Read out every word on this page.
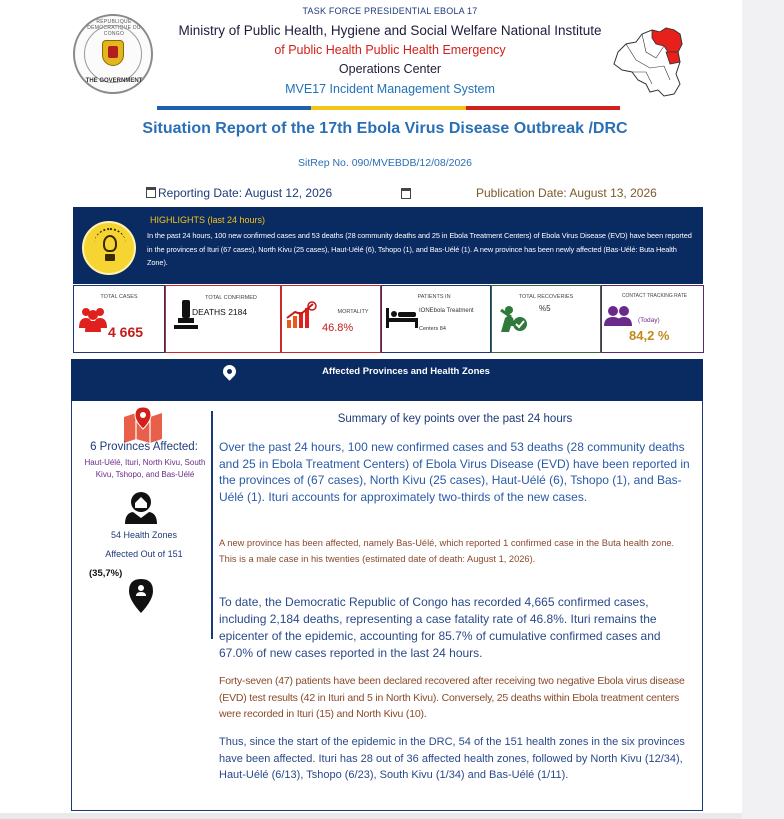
RÉPUBLIQUE DÉMOCRATIQUE DU CONGO
THE GOVERNMENT
TASK FORCE PRESIDENTIAL EBOLA 17
Ministry of Public Health, Hygiene and Social Welfare National Institute
of Public Health Public Health Emergency
Operations Center
MVE17 Incident Management System
Situation Report of the 17th Ebola Virus Disease Outbreak /DRC
SitRep No. 090/MVEBDB/12/08/2026
Reporting Date: August 12, 2026	Publication Date: August 13, 2026
HIGHLIGHTS (last 24 hours)
In the past 24 hours, 100 new confirmed cases and 53 deaths (28 community deaths and 25 in Ebola Treatment Centers) of Ebola Virus Disease (EVD) have been reported in the provinces of Ituri (67 cases), North Kivu (25 cases), Haut-Uélé (6), Tshopo (1), and Bas-Uélé (1). A new province has been newly affected (Bas-Uélé: Buta Health Zone).
TOTAL CASES
4 665
TOTAL CONFIRMED
DEATHS 2184	MORTALITY
46.8%
PATIENTS IN
IONEbola Treatment
Centers 84
TOTAL RECOVERIES
%5
CONTACT TRACKING RATE
(Today)
84,2 %
Affected Provinces and Health Zones
6 Provinces Affected:
Haut-Uélé, Ituri, North Kivu, South Kivu, Tshopo, and Bas-Uélé
54 Health Zones
Affected Out of 151
(35,7%)
Summary of key points over the past 24 hours
Over the past 24 hours, 100 new confirmed cases and 53 deaths (28 community deaths and 25 in Ebola Treatment Centers) of Ebola Virus Disease (EVD) have been reported in the provinces of (67 cases), North Kivu (25 cases), Haut-Uélé (6), Tshopo (1), and Bas-Uélé (1). Ituri accounts for approximately two-thirds of the new cases.
A new province has been affected, namely Bas-Uélé, which reported 1 confirmed case in the Buta health zone. This is a male case in his twenties (estimated date of death: August 1, 2026).
To date, the Democratic Republic of Congo has recorded 4,665 confirmed cases, including 2,184 deaths, representing a case fatality rate of 46.8%. Ituri remains the epicenter of the epidemic, accounting for 85.7% of cumulative confirmed cases and 67.0% of new cases reported in the last 24 hours.
Forty-seven (47) patients have been declared recovered after receiving two negative Ebola virus disease (EVD) test results (42 in Ituri and 5 in North Kivu). Conversely, 25 deaths within Ebola treatment centers were recorded in Ituri (15) and North Kivu (10).
Thus, since the start of the epidemic in the DRC, 54 of the 151 health zones in the six provinces have been affected. Ituri has 28 out of 36 affected health zones, followed by North Kivu (12/34), Haut-Uélé (6/13), Tshopo (6/23), South Kivu (1/34) and Bas-Uélé (1/11).
